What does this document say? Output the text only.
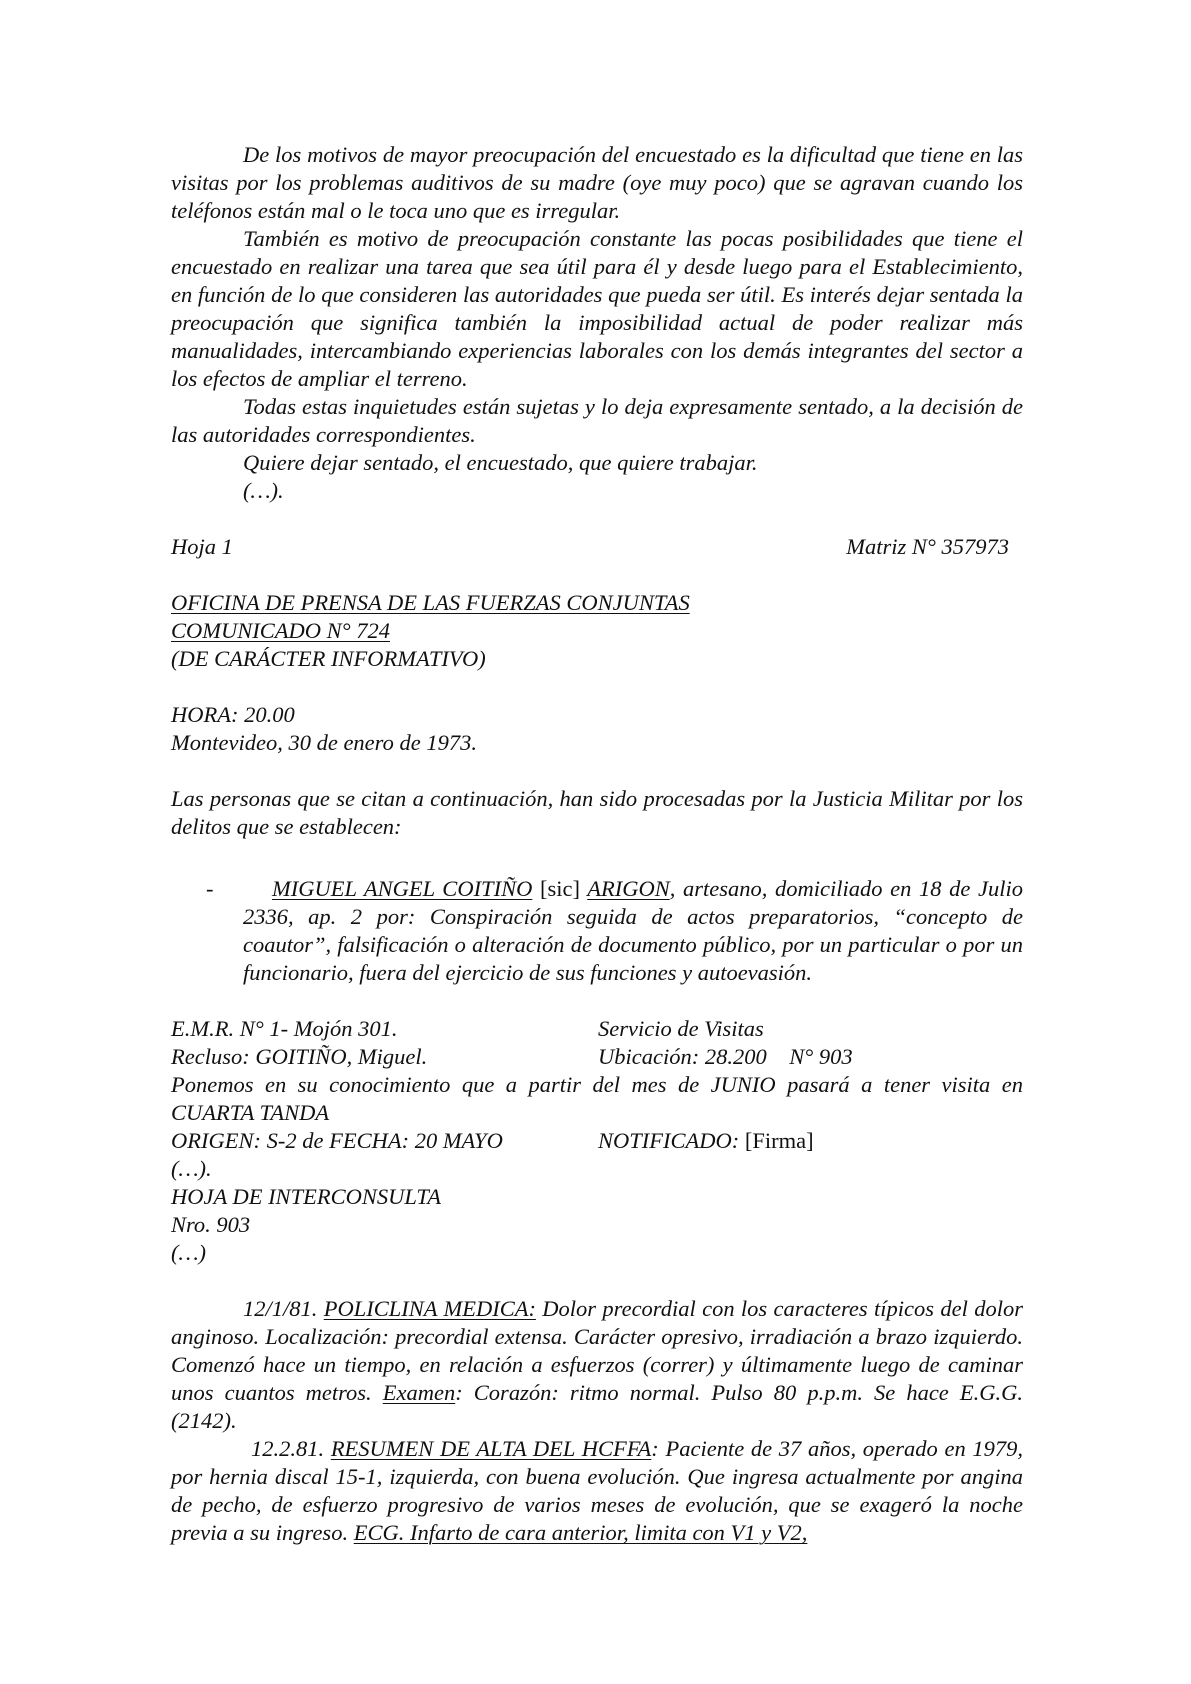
De los motivos de mayor preocupación del encuestado es la dificultad que tiene en las visitas por los problemas auditivos de su madre (oye muy poco) que se agravan cuando los teléfonos están mal o le toca uno que es irregular.

También es motivo de preocupación constante las pocas posibilidades que tiene el encuestado en realizar una tarea que sea útil para él y desde luego para el Establecimiento, en función de lo que consideren las autoridades que pueda ser útil. Es interés dejar sentada la preocupación que significa también la imposibilidad actual de poder realizar más manualidades, intercambiando experiencias laborales con los demás integrantes del sector a los efectos de ampliar el terreno.

Todas estas inquietudes están sujetas y lo deja expresamente sentado, a la decisión de las autoridades correspondientes.

Quiere dejar sentado, el encuestado, que quiere trabajar.

(…).

Hoja 1	Matriz N° 357973

OFICINA DE PRENSA DE LAS FUERZAS CONJUNTAS

COMUNICADO N° 724

(DE CARÁCTER INFORMATIVO)

HORA: 20.00

Montevideo, 30 de enero de 1973.

Las personas que se citan a continuación, han sido procesadas por la Justicia Militar por los delitos que se establecen:

-	MIGUEL ANGEL COITIÑO [sic] ARIGON, artesano, domiciliado en 18 de Julio 2336, ap. 2 por: Conspiración seguida de actos preparatorios, “concepto de coautor”, falsificación o alteración de documento público, por un particular o por un funcionario, fuera del ejercicio de sus funciones y autoevasión.

E.M.R. N° 1- Mojón 301.	Servicio de Visitas
Recluso: GOITIÑO, Miguel.	Ubicación: 28.200    N° 903

Ponemos en su conocimiento que a partir del mes de JUNIO pasará a tener visita en CUARTA TANDA

ORIGEN: S-2 de FECHA: 20 MAYO	NOTIFICADO: [Firma]

(…).

HOJA DE INTERCONSULTA

Nro. 903

(…)

12/1/81. POLICLINA MEDICA: Dolor precordial con los caracteres típicos del dolor anginoso. Localización: precordial extensa. Carácter opresivo, irradiación a brazo izquierdo. Comenzó hace un tiempo, en relación a esfuerzos (correr) y últimamente luego de caminar unos cuantos metros. Examen: Corazón: ritmo normal. Pulso 80 p.p.m. Se hace E.G.G. (2142).

12.2.81. RESUMEN DE ALTA DEL HCFFA: Paciente de 37 años, operado en 1979, por hernia discal 15-1, izquierda, con buena evolución. Que ingresa actualmente por angina de pecho, de esfuerzo progresivo de varios meses de evolución, que se exageró la noche previa a su ingreso. ECG. Infarto de cara anterior, limita con V1 y V2,
